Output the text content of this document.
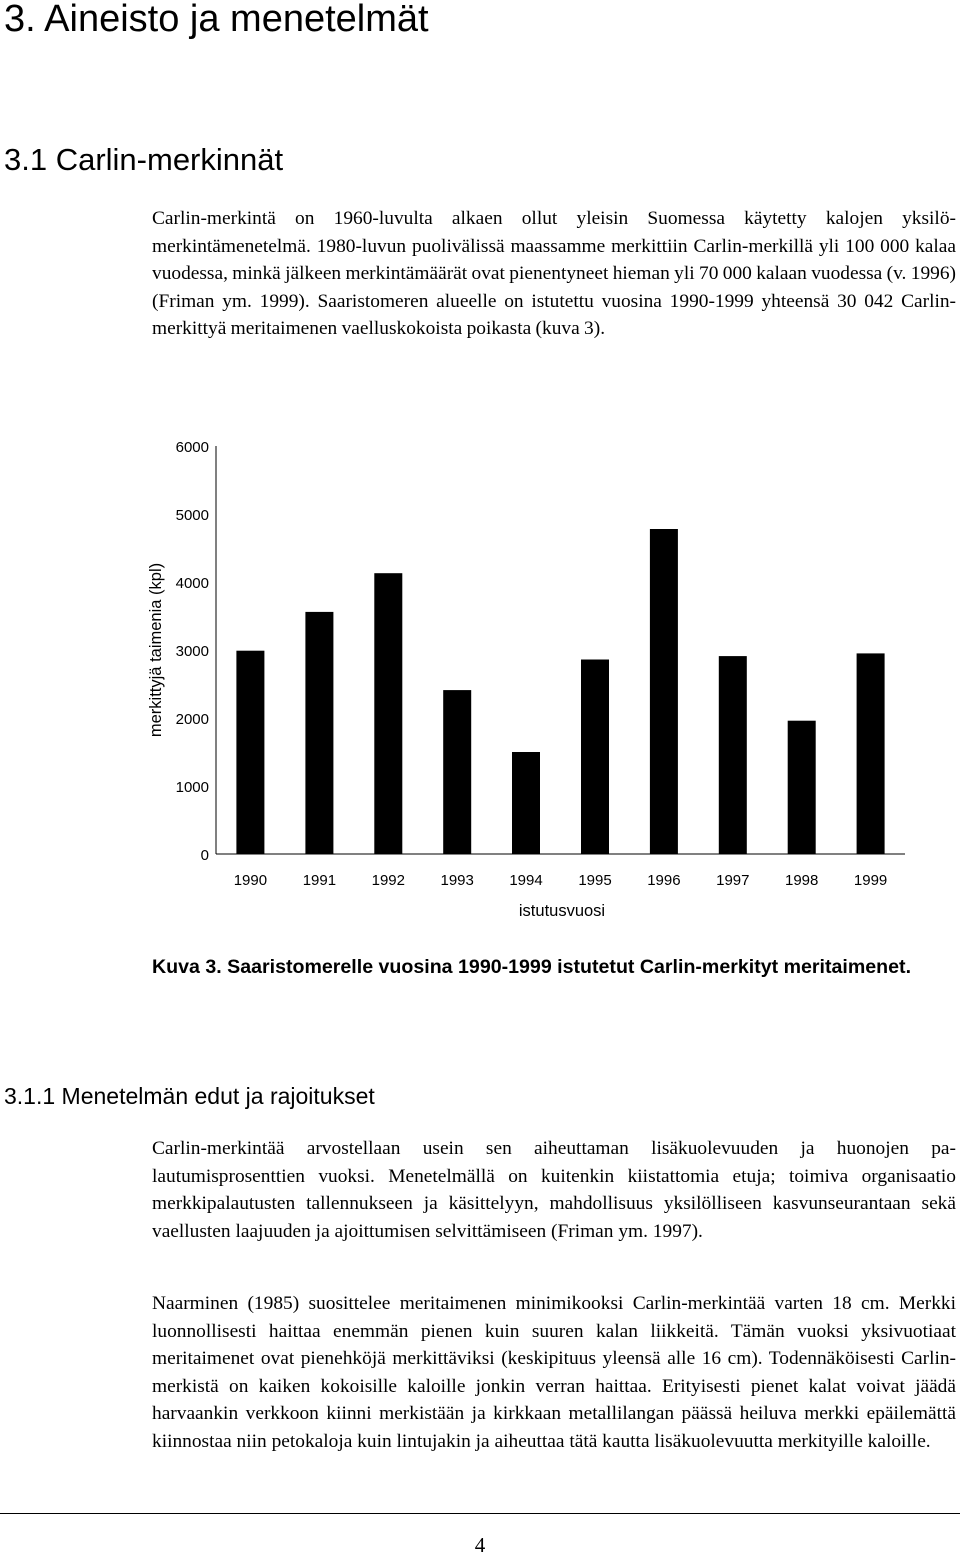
3. Aineisto ja menetelmät
3.1 Carlin-merkinnät

Carlin-merkintä on 1960-luvulta alkaen ollut yleisin Suomessa käytetty kalojen yksilömerkintämenetelmä. 1980-luvun puolivälissä maassamme merkittiin Carlin-merkillä yli 100 000 kalaa vuodessa, minkä jälkeen merkintämäärät ovat pienentyneet hieman yli 70 000 kalaan vuodessa (v. 1996) (Friman ym. 1999). Saaristomeren alueelle on istutettu vuosina 1990-1999 yhteensä 30 042 Carlin-merkittyä meritaimenen vaelluskokoista poikasta (kuva 3).

0
1000
2000
3000
4000
5000
6000
1990 1991 1992 1993 1994 1995 1996 1997 1998 1999
istutusvuosi
merkittyjä taimenia (kpl)

Kuva 3. Saaristomerelle vuosina 1990-1999 istutetut Carlin-merkityt meritaimenet.

3.1.1 Menetelmän edut ja rajoitukset

Carlin-merkintää arvostellaan usein sen aiheuttaman lisäkuolevuuden ja huonojen palautumisprosenttien vuoksi. Menetelmällä on kuitenkin kiistattomia etuja; toimiva organisaatio merkkipalautusten tallennukseen ja käsittelyyn, mahdollisuus yksilölliseen kasvunseurantaan sekä vaellusten laajuuden ja ajoittumisen selvittämiseen (Friman ym. 1997).

Naarminen (1985) suosittelee meritaimenen minimikooksi Carlin-merkintää varten 18 cm. Merkki luonnollisesti haittaa enemmän pienen kuin suuren kalan liikkeitä. Tämän vuoksi yksivuotiaat meritaimenet ovat pienehköjä merkittäviksi (keskipituus yleensä alle 16 cm). Todennäköisesti Carlin-merkistä on kaiken kokoisille kaloille jonkin verran haittaa. Erityisesti pienet kalat voivat jäädä harvaankin verkkoon kiinni merkistään ja kirkkaan metallilangan päässä heiluva merkki epäilemättä kiinnostaa niin petokaloja kuin lintujakin ja aiheuttaa tätä kautta lisäkuolevuutta merkityille kaloille.

4
